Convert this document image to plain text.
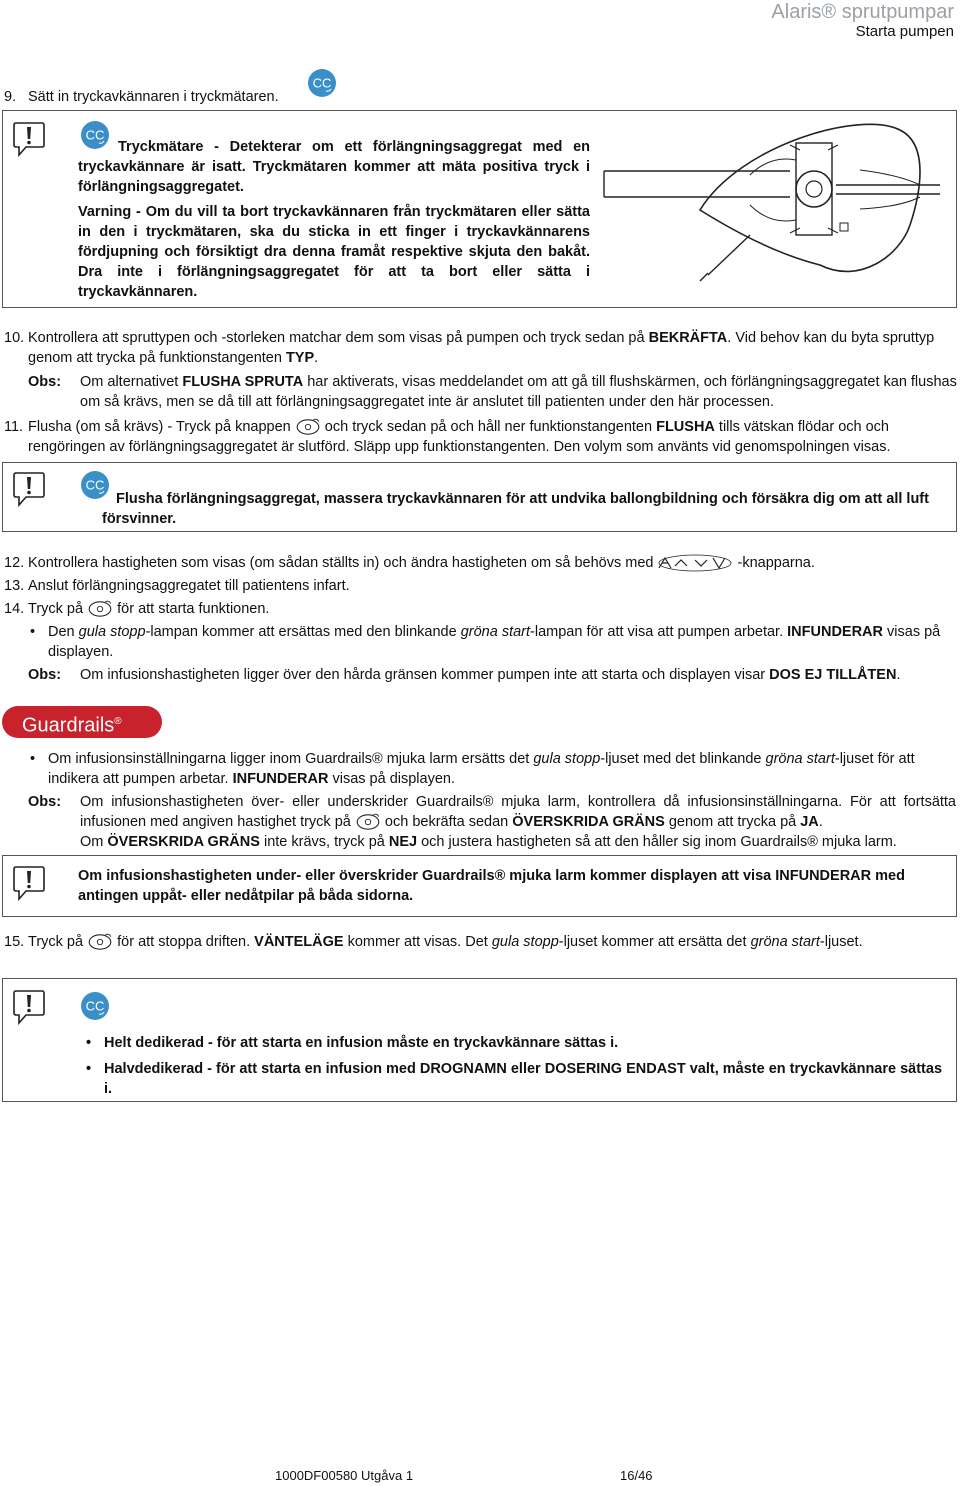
Alaris® sprutpumpar
Starta pumpen
9. Sätt in tryckavkännaren i tryckmätaren.
Tryckmätare - Detekterar om ett förlängningsaggregat med en tryckavkännare är isatt. Tryckmätaren kommer att mäta positiva tryck i förlängningsaggregatet.
Varning - Om du vill ta bort tryckavkännaren från tryckmätaren eller sätta in den i tryckmätaren, ska du sticka in ett finger i tryckavkännarens fördjupning och försiktigt dra denna framåt respektive skjuta den bakåt. Dra inte i förlängningsaggregatet för att ta bort eller sätta i tryckavkännaren.
10. Kontrollera att spruttypen och -storleken matchar dem som visas på pumpen och tryck sedan på BEKRÄFTA. Vid behov kan du byta spruttyp genom att trycka på funktionstangenten TYP.
Obs:	Om alternativet FLUSHA SPRUTA har aktiverats, visas meddelandet om att gå till flushskärmen, och förlängningsaggregatet kan flushas om så krävs, men se då till att förlängningsaggregatet inte är anslutet till patienten under den här processen.
11. Flusha (om så krävs) - Tryck på knappen och tryck sedan på och håll ner funktionstangenten FLUSHA tills vätskan flödar och och rengöringen av förlängningsaggregatet är slutförd. Släpp upp funktionstangenten. Den volym som använts vid genomspolningen visas.
Flusha förlängningsaggregat, massera tryckavkännaren för att undvika ballongbildning och försäkra dig om att all luft försvinner.
12. Kontrollera hastigheten som visas (om sådan ställts in) och ändra hastigheten om så behövs med	-knapparna.
13. Anslut förlängningsaggregatet till patientens infart.
14. Tryck på för att starta funktionen.
• Den gula stopp-lampan kommer att ersättas med den blinkande gröna start-lampan för att visa att pumpen arbetar. INFUNDERAR visas på displayen.
Obs:	Om infusionshastigheten ligger över den hårda gränsen kommer pumpen inte att starta och displayen visar DOS EJ TILLÅTEN.
Guardrails®
• Om infusionsinställningarna ligger inom Guardrails® mjuka larm ersätts det gula stopp-ljuset med det blinkande gröna start-ljuset för att indikera att pumpen arbetar. INFUNDERAR visas på displayen.
Obs:	Om infusionshastigheten över- eller underskrider Guardrails® mjuka larm, kontrollera då infusionsinställningarna. För att fortsätta infusionen med angiven hastighet tryck på och bekräfta sedan ÖVERSKRIDA GRÄNS genom att trycka på JA.
Om ÖVERSKRIDA GRÄNS inte krävs, tryck på NEJ och justera hastigheten så att den håller sig inom Guardrails® mjuka larm.
Om infusionshastigheten under- eller överskrider Guardrails® mjuka larm kommer displayen att visa INFUNDERAR med antingen uppåt- eller nedåtpilar på båda sidorna.
15. Tryck på för att stoppa driften. VÄNTELÄGE kommer att visas. Det gula stopp-ljuset kommer att ersätta det gröna start-ljuset.
• Helt dedikerad - för att starta en infusion måste en tryckavkännare sättas i.
• Halvdedikerad - för att starta en infusion med DROGNAMN eller DOSERING ENDAST valt, måste en tryckavkännare sättas i.
1000DF00580 Utgåva 1	16/46
